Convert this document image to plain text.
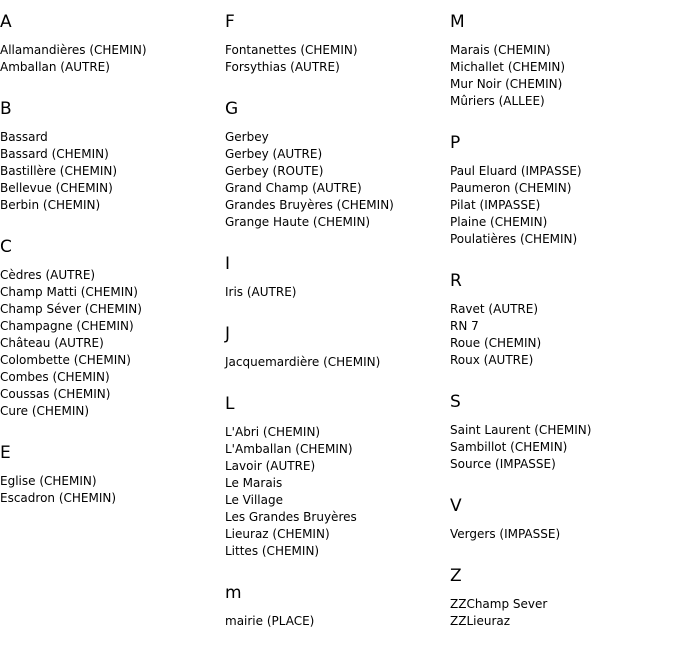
A
Allamandières (CHEMIN)
Amballan (AUTRE)
B
Bassard
Bassard (CHEMIN)
Bastillère (CHEMIN)
Bellevue (CHEMIN)
Berbin (CHEMIN)
C
Cèdres (AUTRE)
Champ Matti (CHEMIN)
Champ Séver (CHEMIN)
Champagne (CHEMIN)
Château (AUTRE)
Colombette (CHEMIN)
Combes (CHEMIN)
Coussas (CHEMIN)
Cure (CHEMIN)
E
Eglise (CHEMIN)
Escadron (CHEMIN)
F
Fontanettes (CHEMIN)
Forsythias (AUTRE)
G
Gerbey
Gerbey (AUTRE)
Gerbey (ROUTE)
Grand Champ (AUTRE)
Grandes Bruyères (CHEMIN)
Grange Haute (CHEMIN)
I
Iris (AUTRE)
J
Jacquemardière (CHEMIN)
L
L'Abri (CHEMIN)
L'Amballan (CHEMIN)
Lavoir (AUTRE)
Le Marais
Le Village
Les Grandes Bruyères
Lieuraz (CHEMIN)
Littes (CHEMIN)
m
mairie (PLACE)
M
Marais (CHEMIN)
Michallet (CHEMIN)
Mur Noir (CHEMIN)
Mûriers (ALLEE)
P
Paul Eluard (IMPASSE)
Paumeron (CHEMIN)
Pilat (IMPASSE)
Plaine (CHEMIN)
Poulatières (CHEMIN)
R
Ravet (AUTRE)
RN 7
Roue (CHEMIN)
Roux (AUTRE)
S
Saint Laurent (CHEMIN)
Sambillot (CHEMIN)
Source (IMPASSE)
V
Vergers (IMPASSE)
Z
ZZChamp Sever
ZZLieuraz
